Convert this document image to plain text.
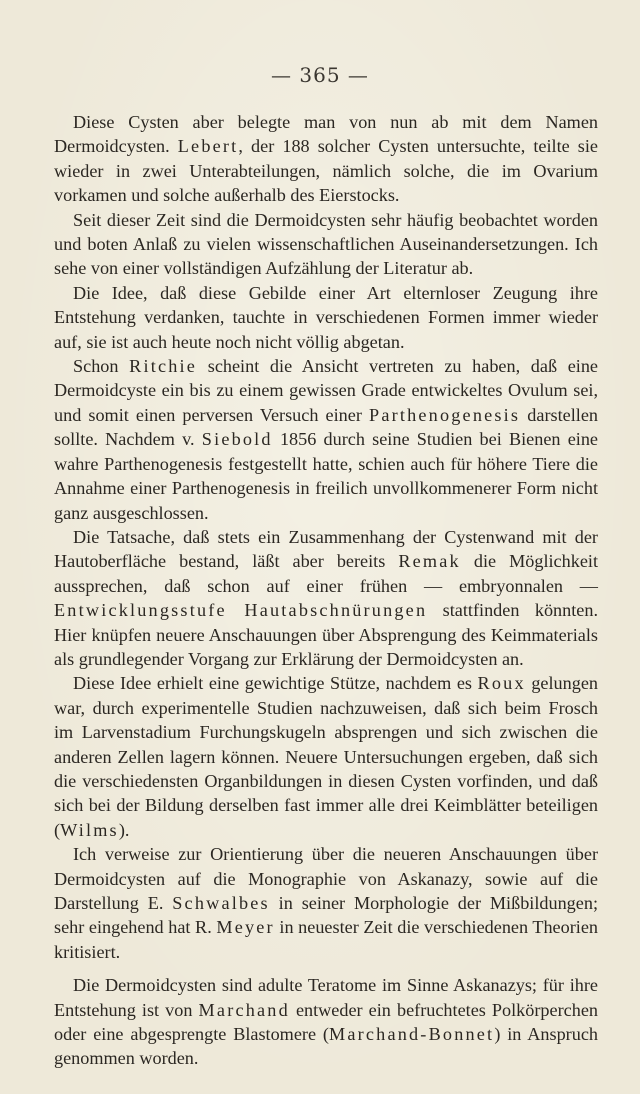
— 365 —

Diese Cysten aber belegte man von nun ab mit dem Namen Dermoidcysten. Lebert, der 188 solcher Cysten untersuchte, teilte sie wieder in zwei Unterabteilungen, nämlich solche, die im Ovarium vorkamen und solche außerhalb des Eierstocks.

Seit dieser Zeit sind die Dermoidcysten sehr häufig beobachtet worden und boten Anlaß zu vielen wissenschaftlichen Auseinandersetzungen. Ich sehe von einer vollständigen Aufzählung der Literatur ab.

Die Idee, daß diese Gebilde einer Art elternloser Zeugung ihre Entstehung verdanken, tauchte in verschiedenen Formen immer wieder auf, sie ist auch heute noch nicht völlig abgetan.

Schon Ritchie scheint die Ansicht vertreten zu haben, daß eine Dermoidcyste ein bis zu einem gewissen Grade entwickeltes Ovulum sei, und somit einen perversen Versuch einer Parthenogenesis darstellen sollte. Nachdem v. Siebold 1856 durch seine Studien bei Bienen eine wahre Parthenogenesis festgestellt hatte, schien auch für höhere Tiere die Annahme einer Parthenogenesis in freilich unvollkommenerer Form nicht ganz ausgeschlossen.

Die Tatsache, daß stets ein Zusammenhang der Cystenwand mit der Hautoberfläche bestand, läßt aber bereits Remak die Möglichkeit aussprechen, daß schon auf einer frühen — embryonnalen — Entwicklungsstufe Hautabschnürungen stattfinden könnten. Hier knüpfen neuere Anschauungen über Absprengung des Keimmaterials als grundlegender Vorgang zur Erklärung der Dermoidcysten an.

Diese Idee erhielt eine gewichtige Stütze, nachdem es Roux gelungen war, durch experimentelle Studien nachzuweisen, daß sich beim Frosch im Larvenstadium Furchungskugeln absprengen und sich zwischen die anderen Zellen lagern können. Neuere Untersuchungen ergeben, daß sich die verschiedensten Organbildungen in diesen Cysten vorfinden, und daß sich bei der Bildung derselben fast immer alle drei Keimblätter beteiligen (Wilms).

Ich verweise zur Orientierung über die neueren Anschauungen über Dermoidcysten auf die Monographie von Askanazy, sowie auf die Darstellung E. Schwalbes in seiner Morphologie der Mißbildungen; sehr eingehend hat R. Meyer in neuester Zeit die verschiedenen Theorien kritisiert.

Die Dermoidcysten sind adulte Teratome im Sinne Askanazys; für ihre Entstehung ist von Marchand entweder ein befruchtetes Polkörperchen oder eine abgesprengte Blastomere (Marchand-Bonnet) in Anspruch genommen worden.
